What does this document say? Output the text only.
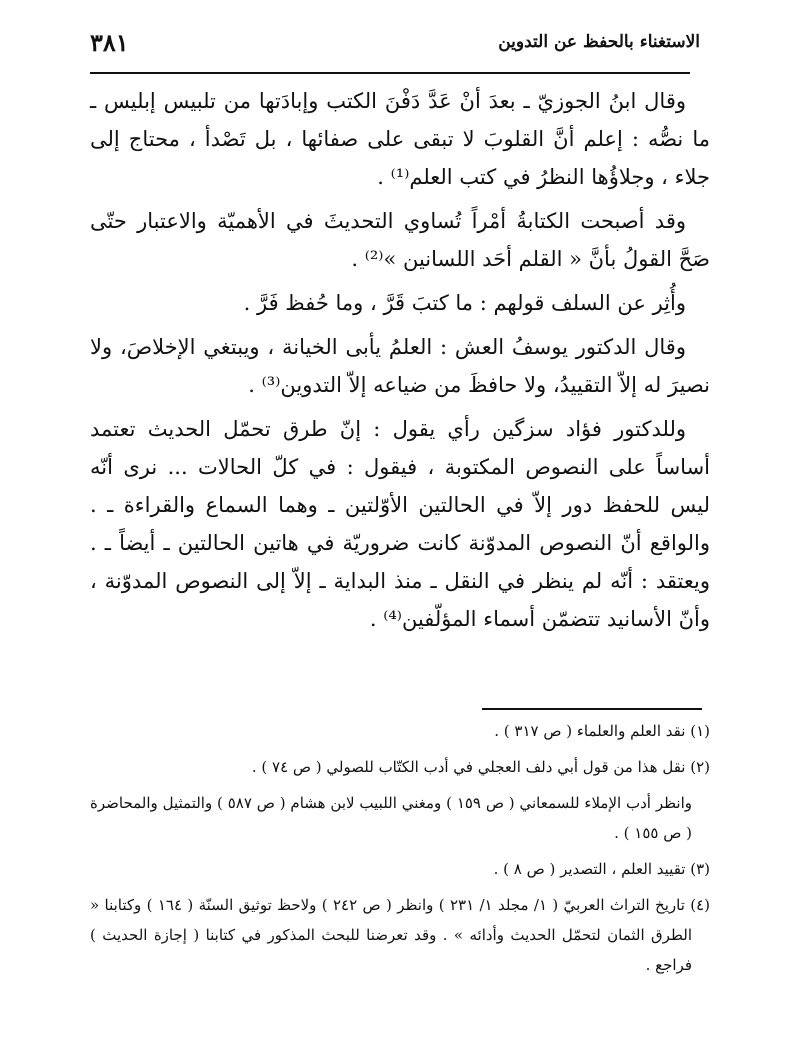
الاستغناء بالحفظ عن التدوين
٣٨١

وقال ابنُ الجوزيّ ـ بعدَ أنْ عَدَّ دَفْنَ الكتب وإبادَتها من تلبيس إبليس ـ ما نصُّه : إعلم أنَّ القلوبَ لا تبقى على صفائها ، بل تَصْدأ ، محتاج إلى جلاء ، وجلاؤُها النظرُ في كتب العلم⁽¹⁾ .

وقد أصبحت الكتابةُ أمْراً تُساوي التحديثَ في الأهميّة والاعتبار حتّى صَحَّ القولُ بأنَّ « القلم أحَد اللسانين »⁽²⁾ .

وأُثِر عن السلف قولهم : ما كتبَ قَرَّ ، وما حُفظ فَرَّ .

وقال الدكتور يوسفُ العش : العلمُ يأبى الخيانة ، ويبتغي الإخلاصَ، ولا نصيرَ له إلاّ التقييدُ، ولا حافظَ من ضياعه إلاّ التدوين⁽³⁾ .

وللدكتور فؤاد سزگين رأي يقول : إنّ طرق تحمّل الحديث تعتمد أساساً على النصوص المكتوبة ، فيقول : في كلّ الحالات ... نرى أنّه ليس للحفظ دور إلاّ في الحالتين الأوّلتين ـ وهما السماع والقراءة ـ . والواقع أنّ النصوص المدوّنة كانت ضروريّة في هاتين الحالتين ـ أيضاً ـ . ويعتقد : أنّه لم ينظر في النقل ـ منذ البداية ـ إلاّ إلى النصوص المدوّنة ، وأنّ الأسانيد تتضمّن أسماء المؤلّفين⁽⁴⁾ .

(١) نقد العلم والعلماء ( ص ٣١٧ ) .

(٢) نقل هذا من قول أبي دلف العجلي في أدب الكتّاب للصولي ( ص ٧٤ ) .

وانظر أدب الإملاء للسمعاني ( ص ١٥٩ ) ومغني اللبيب لابن هشام ( ص ٥٨٧ ) والتمثيل والمحاضرة ( ص ١٥٥ ) .

(٣) تقييد العلم ، التصدير ( ص ٨ ) .

(٤) تاريخ التراث العربيّ ( ١/ مجلد ١/ ٢٣١ ) وانظر ( ص ٢٤٢ ) ولاحظ توثيق السنّة ( ١٦٤ ) وكتابنا « الطرق الثمان لتحمّل الحديث وأدائه » . وقد تعرضنا للبحث المذكور في كتابنا ( إجازة الحديث ) فراجع .
